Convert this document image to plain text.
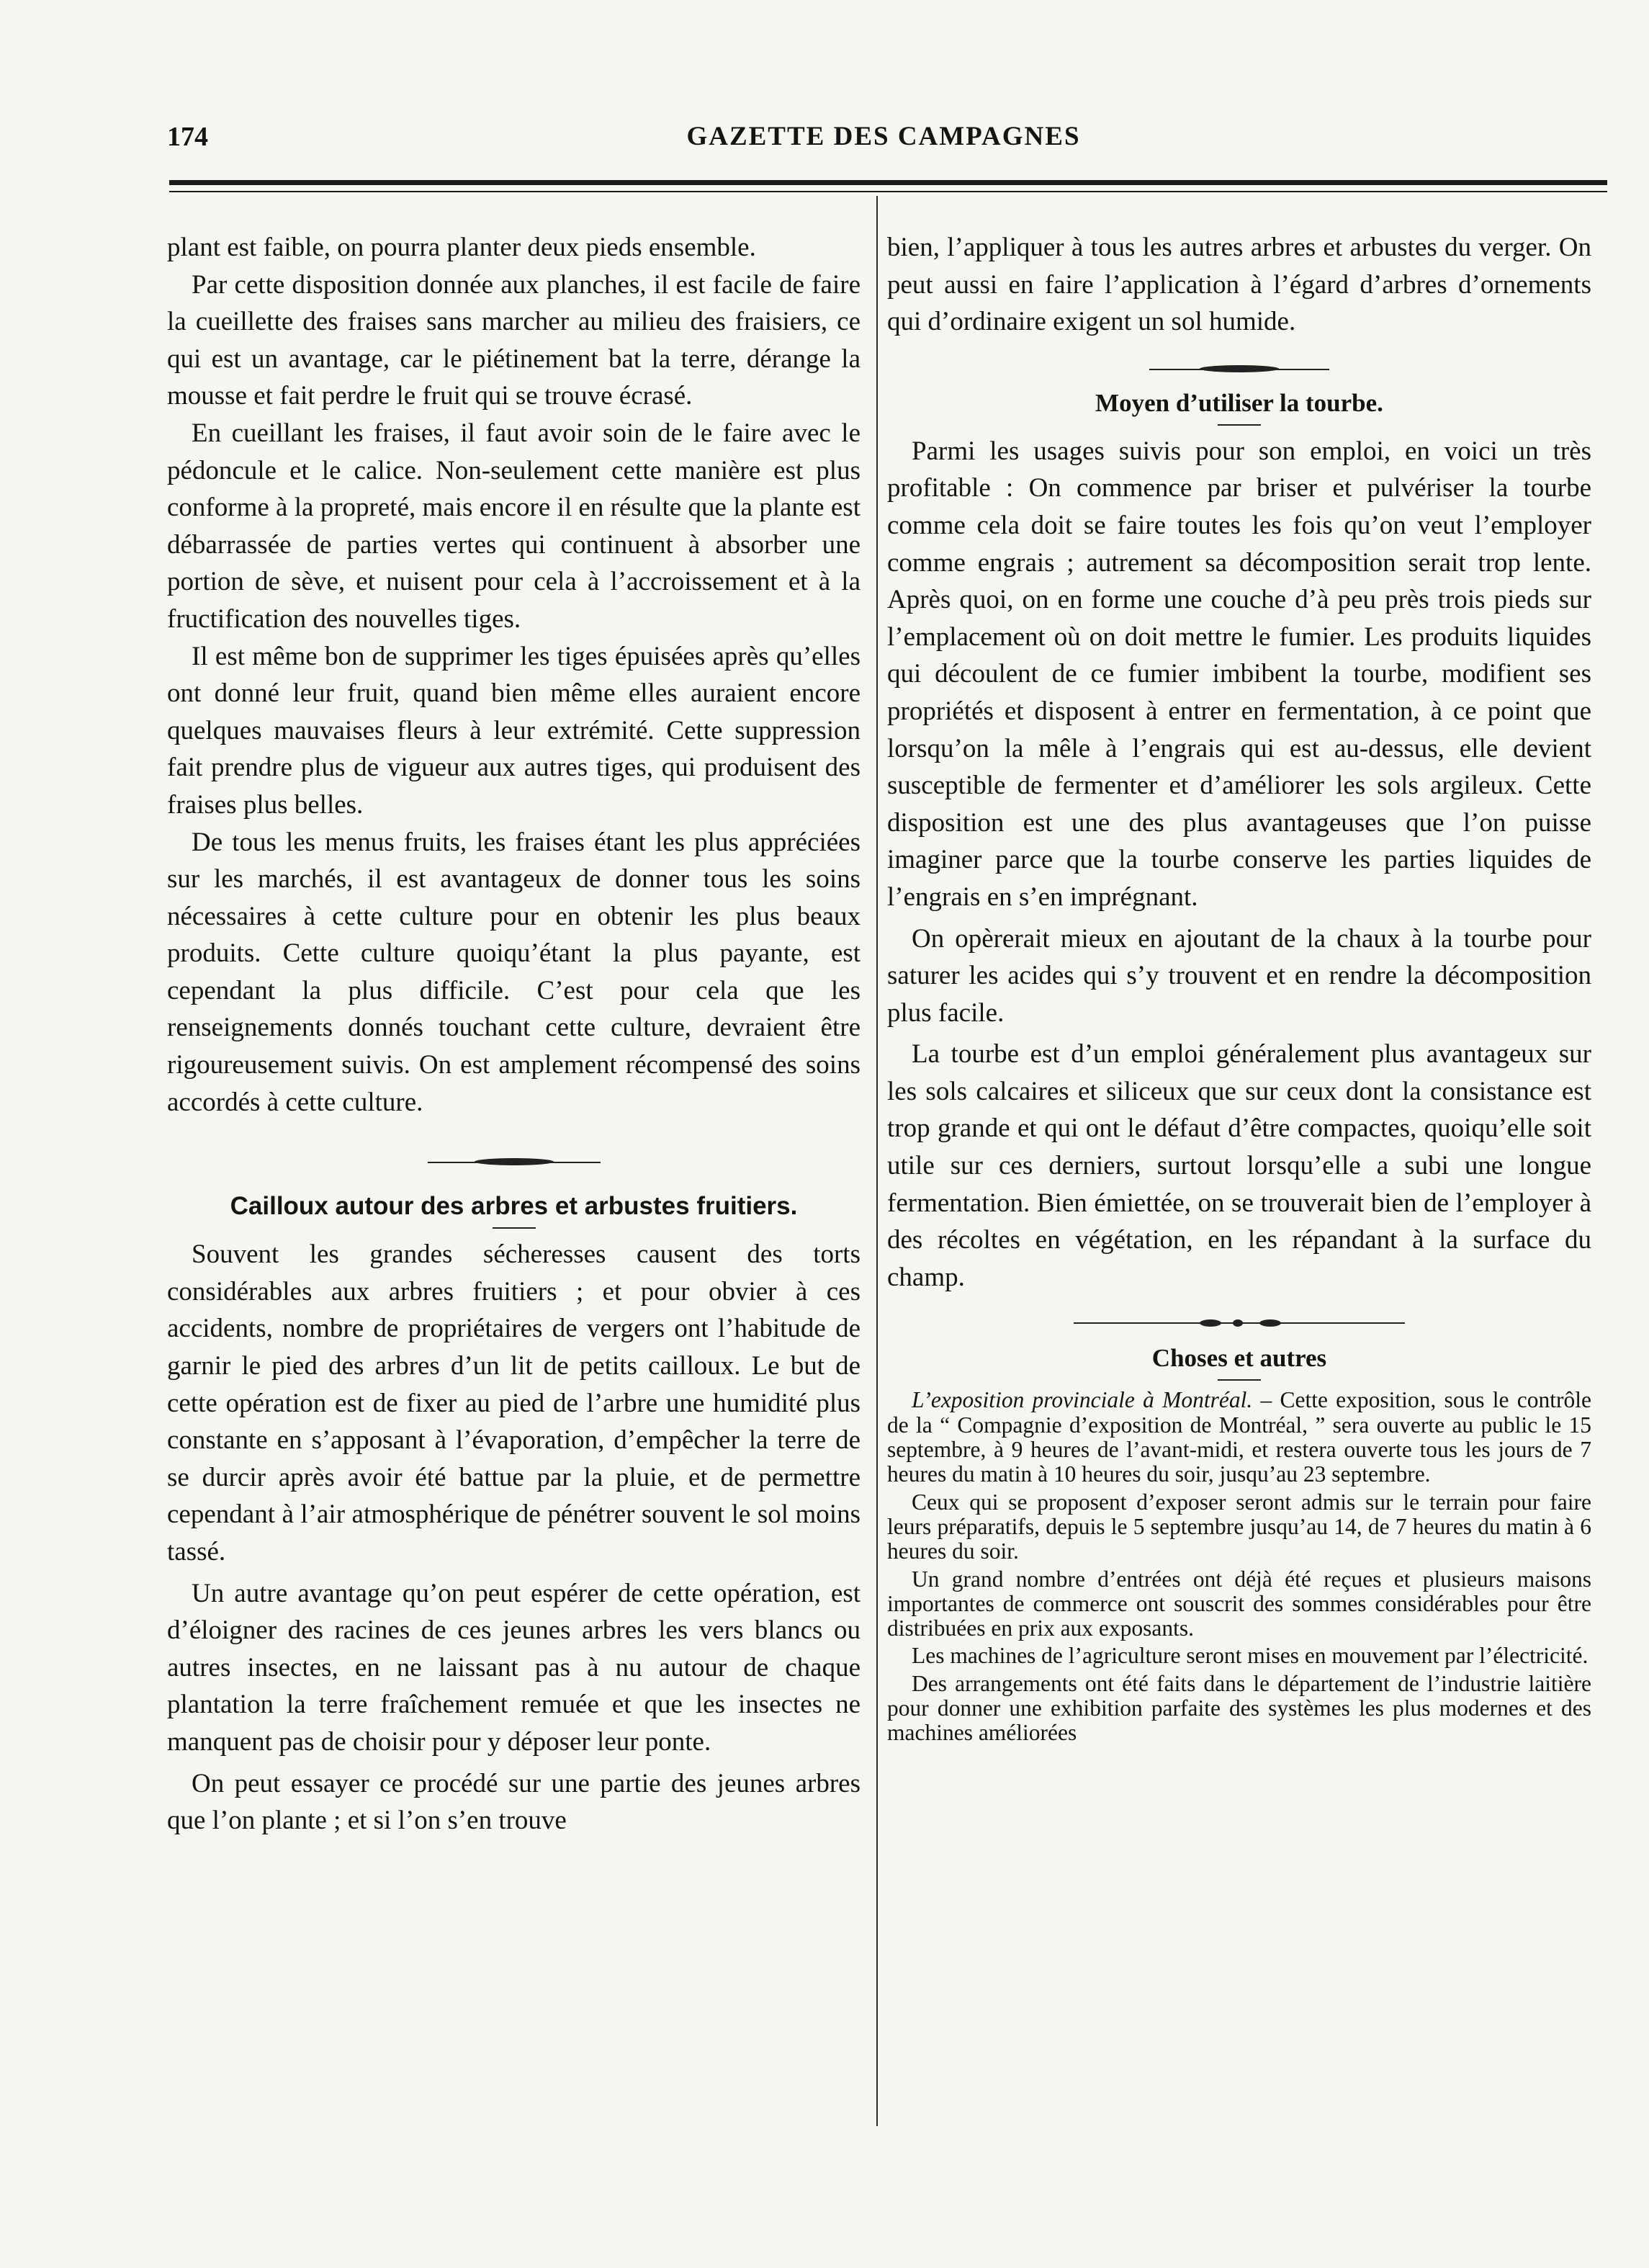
174	GAZETTE DES CAMPAGNES

plant est faible, on pourra planter deux pieds ensemble.

Par cette disposition donnée aux planches, il est facile de faire la cueillette des fraises sans marcher au milieu des fraisiers, ce qui est un avantage, car le piétinement bat la terre, dérange la mousse et fait perdre le fruit qui se trouve écrasé.

En cueillant les fraises, il faut avoir soin de le faire avec le pédoncule et le calice. Non-seulement cette manière est plus conforme à la propreté, mais encore il en résulte que la plante est débarrassée de parties vertes qui continuent à absorber une portion de sève, et nuisent pour cela à l’accroissement et à la fructification des nouvelles tiges.

Il est même bon de supprimer les tiges épuisées après qu’elles ont donné leur fruit, quand bien même elles auraient encore quelques mauvaises fleurs à leur extrémité. Cette suppression fait prendre plus de vigueur aux autres tiges, qui produisent des fraises plus belles.

De tous les menus fruits, les fraises étant les plus appréciées sur les marchés, il est avantageux de donner tous les soins nécessaires à cette culture pour en obtenir les plus beaux produits. Cette culture quoiqu’étant la plus payante, est cependant la plus difficile. C’est pour cela que les renseignements donnés touchant cette culture, devraient être rigoureusement suivis. On est amplement récompensé des soins accordés à cette culture.

Cailloux autour des arbres et arbustes fruitiers.

Souvent les grandes sécheresses causent des torts considérables aux arbres fruitiers ; et pour obvier à ces accidents, nombre de propriétaires de vergers ont l’habitude de garnir le pied des arbres d’un lit de petits cailloux. Le but de cette opération est de fixer au pied de l’arbre une humidité plus constante en s’apposant à l’évaporation, d’empêcher la terre de se durcir après avoir été battue par la pluie, et de permettre cependant à l’air atmosphérique de pénétrer souvent le sol moins tassé.

Un autre avantage qu’on peut espérer de cette opération, est d’éloigner des racines de ces jeunes arbres les vers blancs ou autres insectes, en ne laissant pas à nu autour de chaque plantation la terre fraîchement remuée et que les insectes ne manquent pas de choisir pour y déposer leur ponte.

On peut essayer ce procédé sur une partie des jeunes arbres que l’on plante ; et si l’on s’en trouve

bien, l’appliquer à tous les autres arbres et arbustes du verger. On peut aussi en faire l’application à l’égard d’arbres d’ornements qui d’ordinaire exigent un sol humide.

Moyen d’utiliser la tourbe.

Parmi les usages suivis pour son emploi, en voici un très profitable : On commence par briser et pulvériser la tourbe comme cela doit se faire toutes les fois qu’on veut l’employer comme engrais ; autrement sa décomposition serait trop lente. Après quoi, on en forme une couche d’à peu près trois pieds sur l’emplacement où on doit mettre le fumier. Les produits liquides qui découlent de ce fumier imbibent la tourbe, modifient ses propriétés et disposent à entrer en fermentation, à ce point que lorsqu’on la mêle à l’engrais qui est au-dessus, elle devient susceptible de fermenter et d’améliorer les sols argileux. Cette disposition est une des plus avantageuses que l’on puisse imaginer parce que la tourbe conserve les parties liquides de l’engrais en s’en imprégnant.

On opèrerait mieux en ajoutant de la chaux à la tourbe pour saturer les acides qui s’y trouvent et en rendre la décomposition plus facile.

La tourbe est d’un emploi généralement plus avantageux sur les sols calcaires et siliceux que sur ceux dont la consistance est trop grande et qui ont le défaut d’être compactes, quoiqu’elle soit utile sur ces derniers, surtout lorsqu’elle a subi une longue fermentation. Bien émiettée, on se trouverait bien de l’employer à des récoltes en végétation, en les répandant à la surface du champ.

Choses et autres

L’exposition provinciale à Montréal. – Cette exposition, sous le contrôle de la “ Compagnie d’exposition de Montréal, ” sera ouverte au public le 15 septembre, à 9 heures de l’avant-midi, et restera ouverte tous les jours de 7 heures du matin à 10 heures du soir, jusqu’au 23 septembre.

Ceux qui se proposent d’exposer seront admis sur le terrain pour faire leurs préparatifs, depuis le 5 septembre jusqu’au 14, de 7 heures du matin à 6 heures du soir.

Un grand nombre d’entrées ont déjà été reçues et plusieurs maisons importantes de commerce ont souscrit des sommes considérables pour être distribuées en prix aux exposants.

Les machines de l’agriculture seront mises en mouvement par l’électricité.

Des arrangements ont été faits dans le département de l’industrie laitière pour donner une exhibition parfaite des systèmes les plus modernes et des machines améliorées
